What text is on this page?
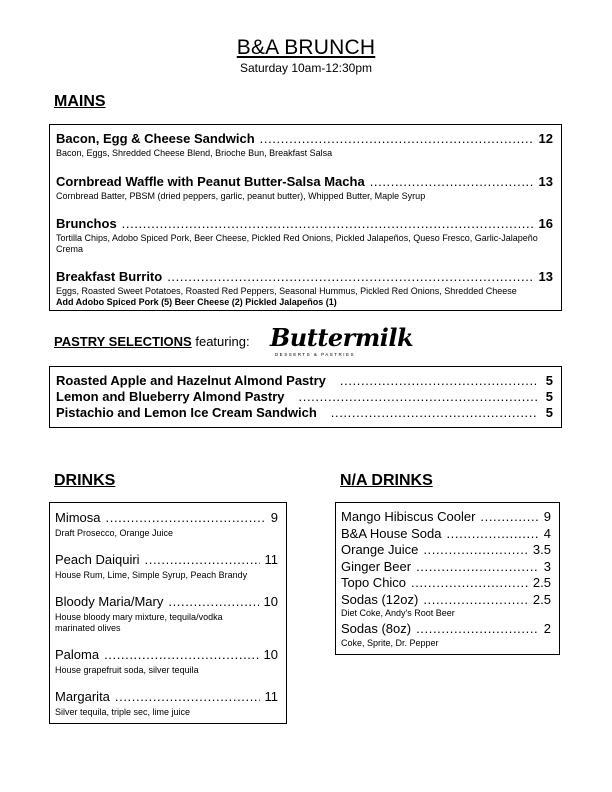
B&A BRUNCH
Saturday 10am-12:30pm
MAINS
Bacon, Egg & Cheese Sandwich .....	12
Bacon, Eggs, Shredded Cheese Blend, Brioche Bun, Breakfast Salsa
Cornbread Waffle with Peanut Butter-Salsa Macha .....	13
Cornbread Batter, PBSM (dried peppers, garlic, peanut butter), Whipped Butter, Maple Syrup
Brunchos .....	16
Tortilla Chips, Adobo Spiced Pork, Beer Cheese, Pickled Red Onions, Pickled Jalapeños, Queso Fresco, Garlic-Jalapeño Crema
Breakfast Burrito .....	13
Eggs, Roasted Sweet Potatoes, Roasted Red Peppers, Seasonal Hummus, Pickled Red Onions, Shredded Cheese
Add Adobo Spiced Pork (5) Beer Cheese (2) Pickled Jalapeños (1)
PASTRY SELECTIONS featuring: Buttermilk
DESSERTS & PASTRIES
Roasted Apple and Hazelnut Almond Pastry .....	5
Lemon and Blueberry Almond Pastry .....	5
Pistachio and Lemon Ice Cream Sandwich .....	5
DRINKS
Mimosa .....	9
Draft Prosecco, Orange Juice
Peach Daiquiri .....	11
House Rum, Lime, Simple Syrup, Peach Brandy
Bloody Maria/Mary .....	10
House bloody mary mixture, tequila/vodka marinated olives
Paloma .....	10
House grapefruit soda, silver tequila
Margarita .....	11
Silver tequila, triple sec, lime juice
N/A DRINKS
Mango Hibiscus Cooler .....	9
B&A House Soda .....	4
Orange Juice .....	3.5
Ginger Beer .....	3
Topo Chico .....	2.5
Sodas (12oz) .....	2.5
Diet Coke, Andy's Root Beer
Sodas (8oz) .....	2
Coke, Sprite, Dr. Pepper
